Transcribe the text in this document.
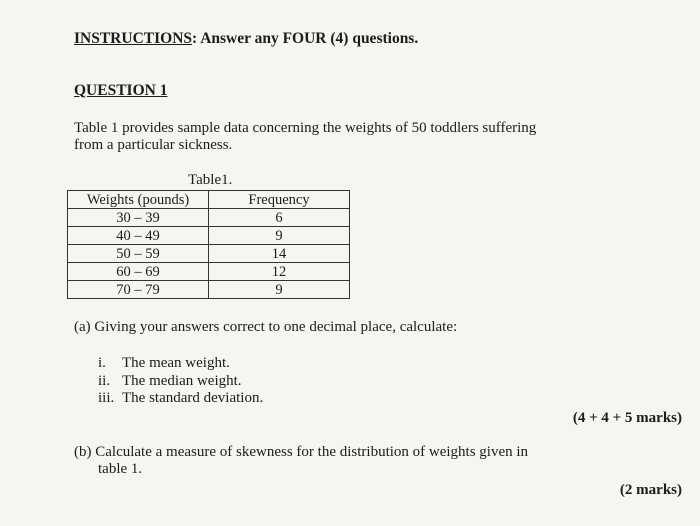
INSTRUCTIONS: Answer any FOUR (4) questions.
QUESTION 1
Table 1 provides sample data concerning the weights of 50 toddlers suffering
from a particular sickness.
Table1.
Weights (pounds)	Frequency
30 – 39	6
40 – 49	9
50 – 59	14
60 – 69	12
70 – 79	9
(a) Giving your answers correct to one decimal place, calculate:
i. The mean weight.
ii. The median weight.
iii. The standard deviation.
(4 + 4 + 5 marks)
(b) Calculate a measure of skewness for the distribution of weights given in
table 1.
(2 marks)
